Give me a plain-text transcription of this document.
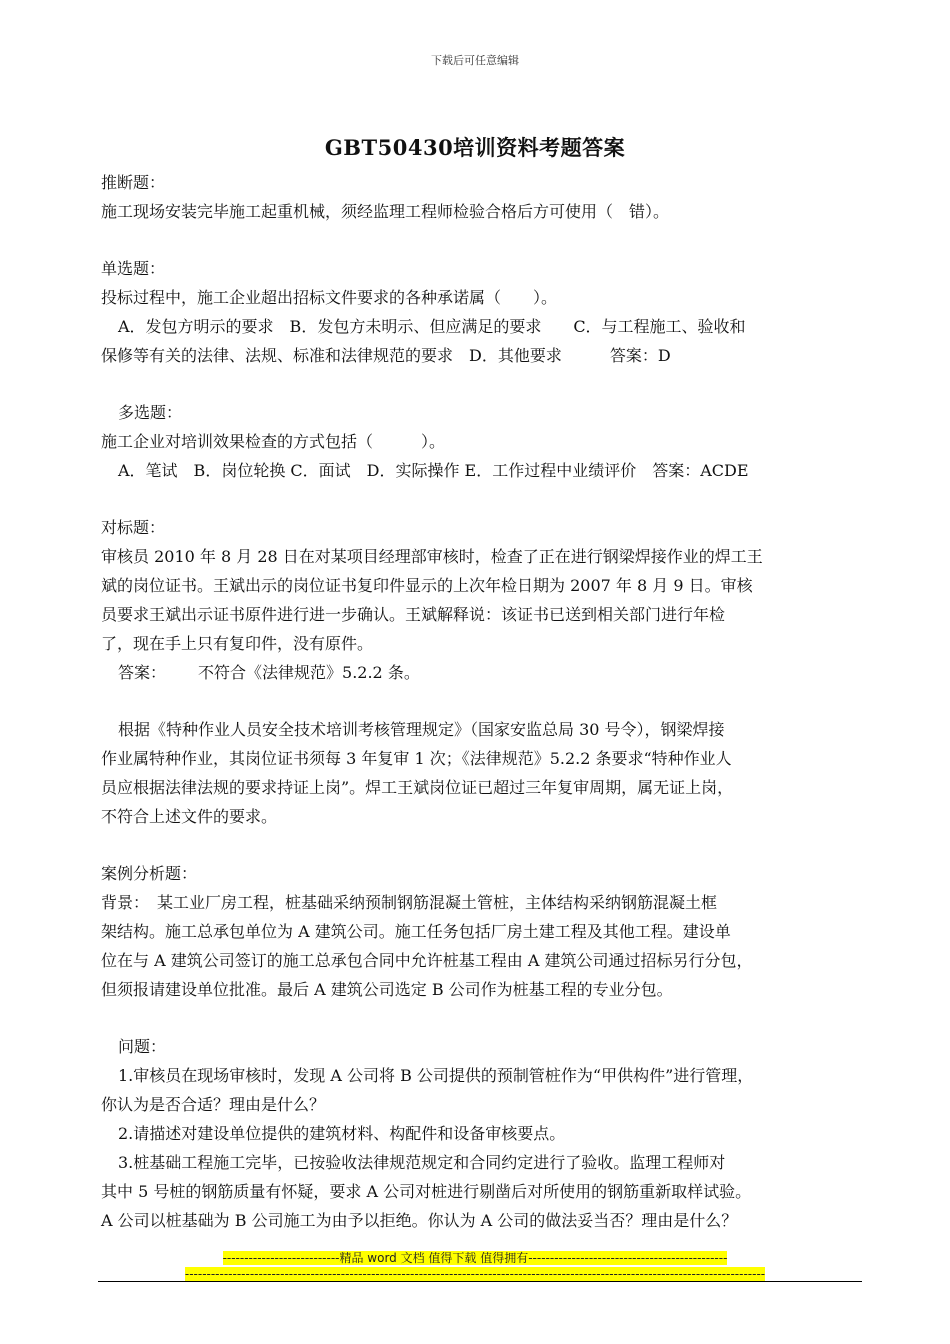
下载后可任意编辑
GBT50430培训资料考题答案
推断题：
施工现场安装完毕施工起重机械，须经监理工程师检验合格后方可使用（　错）。
单选题：
投标过程中，施工企业超出招标文件要求的各种承诺属（　　）。
A．发包方明示的要求　B．发包方未明示、但应满足的要求　　C．与工程施工、验收和
保修等有关的法律、法规、标准和法律规范的要求　D．其他要求　　　答案：D
多选题：
施工企业对培训效果检查的方式包括（　　　）。
A．笔试　B．岗位轮换 C．面试　D．实际操作 E．工作过程中业绩评价　答案：ACDE
对标题：
审核员 2010 年 8 月 28 日在对某项目经理部审核时，检查了正在进行钢梁焊接作业的焊工王
斌的岗位证书。王斌出示的岗位证书复印件显示的上次年检日期为 2007 年 8 月 9 日。审核
员要求王斌出示证书原件进行进一步确认。王斌解释说：该证书已送到相关部门进行年检
了，现在手上只有复印件，没有原件。
答案： 不符合《法律规范》5.2.2 条。
根据《特种作业人员安全技术培训考核管理规定》（国家安监总局 30 号令），钢梁焊接
作业属特种作业，其岗位证书须每 3 年复审 1 次；《法律规范》5.2.2 条要求“特种作业人
员应根据法律法规的要求持证上岗”。焊工王斌岗位证已超过三年复审周期，属无证上岗，
不符合上述文件的要求。
案例分析题：
背景：　某工业厂房工程，桩基础采纳预制钢筋混凝土管桩，主体结构采纳钢筋混凝土框
架结构。施工总承包单位为 A 建筑公司。施工任务包括厂房土建工程及其他工程。建设单
位在与 A 建筑公司签订的施工总承包合同中允许桩基工程由 A 建筑公司通过招标另行分包，
但须报请建设单位批准。最后 A 建筑公司选定 B 公司作为桩基工程的专业分包。
问题：
1.审核员在现场审核时，发现 A 公司将 B 公司提供的预制管桩作为“甲供构件”进行管理，
你认为是否合适？理由是什么？
2.请描述对建设单位提供的建筑材料、构配件和设备审核要点。
3.桩基础工程施工完毕，已按验收法律规范规定和合同约定进行了验收。监理工程师对
其中 5 号桩的钢筋质量有怀疑，要求 A 公司对桩进行剔凿后对所使用的钢筋重新取样试验。
A 公司以桩基础为 B 公司施工为由予以拒绝。你认为 A 公司的做法妥当否？理由是什么？
---------------------------精品 word 文档 值得下载 值得拥有----------------------------------------------
--------------------------------------------------------------------------------------------------------------------------------------
